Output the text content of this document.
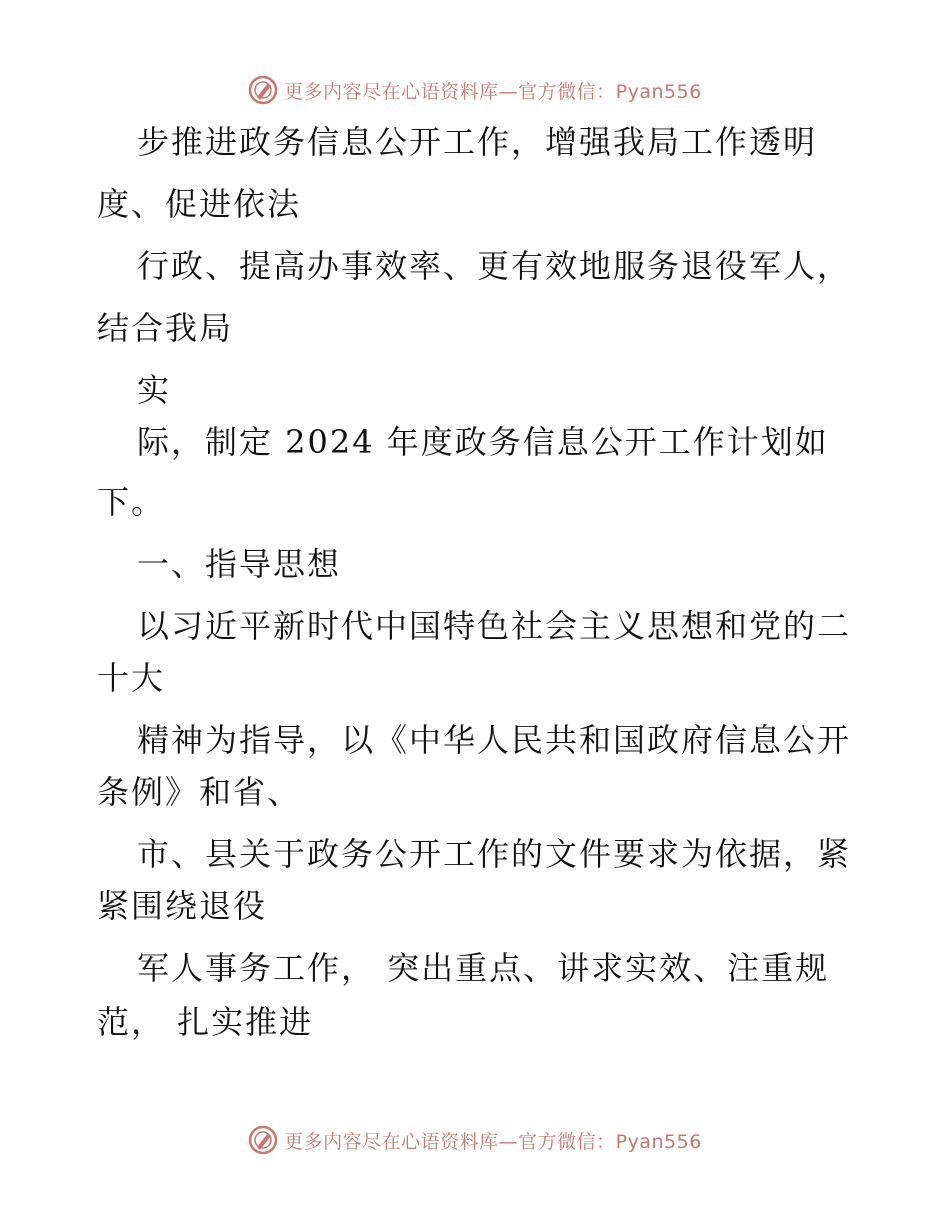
更多内容尽在心语资料库—官方微信：Pyan556
步推进政务信息公开工作，增强我局工作透明
度、促进依法
行政、提高办事效率、更有效地服务退役军人，
结合我局
实
际，制定 2024 年度政务信息公开工作计划如
下。
一、指导思想
以习近平新时代中国特色社会主义思想和党的二
十大
精神为指导，以《中华人民共和国政府信息公开
条例》和省、
市、县关于政务公开工作的文件要求为依据，紧
紧围绕退役
军人事务工作， 突出重点、讲求实效、注重规
范， 扎实推进
更多内容尽在心语资料库—官方微信：Pyan556
